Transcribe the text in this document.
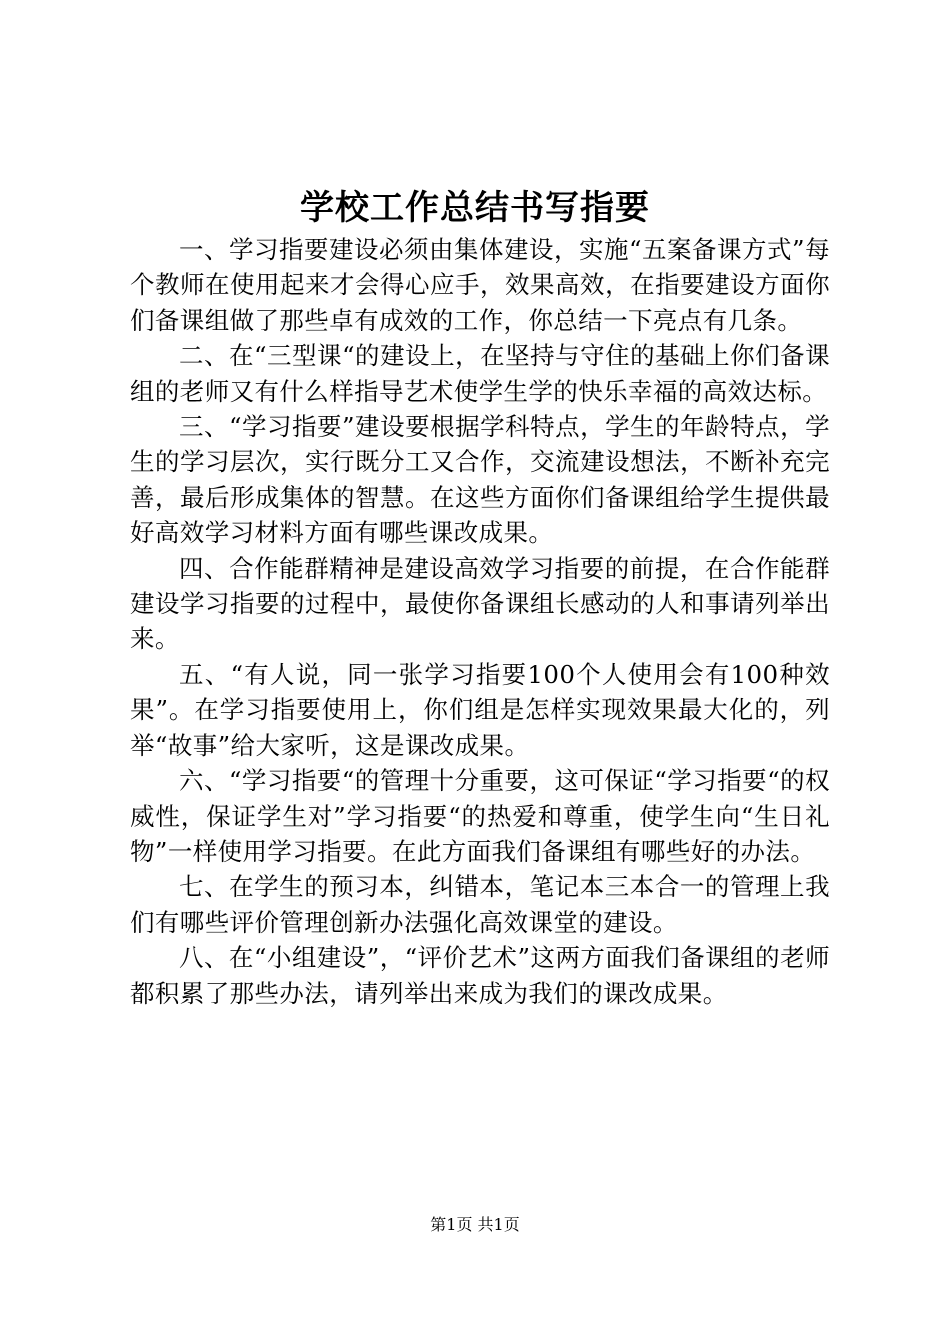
学校工作总结书写指要

一、学习指要建设必须由集体建设，实施“五案备课方式”每个教师在使用起来才会得心应手，效果高效，在指要建设方面你们备课组做了那些卓有成效的工作，你总结一下亮点有几条。

二、在“三型课“的建设上，在坚持与守住的基础上你们备课组的老师又有什么样指导艺术使学生学的快乐幸福的高效达标。

三、“学习指要”建设要根据学科特点，学生的年龄特点，学生的学习层次，实行既分工又合作，交流建设想法，不断补充完善，最后形成集体的智慧。在这些方面你们备课组给学生提供最好高效学习材料方面有哪些课改成果。

四、合作能群精神是建设高效学习指要的前提，在合作能群建设学习指要的过程中，最使你备课组长感动的人和事请列举出来。

五、“有人说，同一张学习指要100个人使用会有100种效果”。在学习指要使用上，你们组是怎样实现效果最大化的，列举“故事”给大家听，这是课改成果。

六、“学习指要“的管理十分重要，这可保证“学习指要“的权威性，保证学生对”学习指要“的热爱和尊重，使学生向“生日礼物”一样使用学习指要。在此方面我们备课组有哪些好的办法。

七、在学生的预习本，纠错本，笔记本三本合一的管理上我们有哪些评价管理创新办法强化高效课堂的建设。

八、在“小组建设”，“评价艺术”这两方面我们备课组的老师都积累了那些办法，请列举出来成为我们的课改成果。

第1页 共1页
